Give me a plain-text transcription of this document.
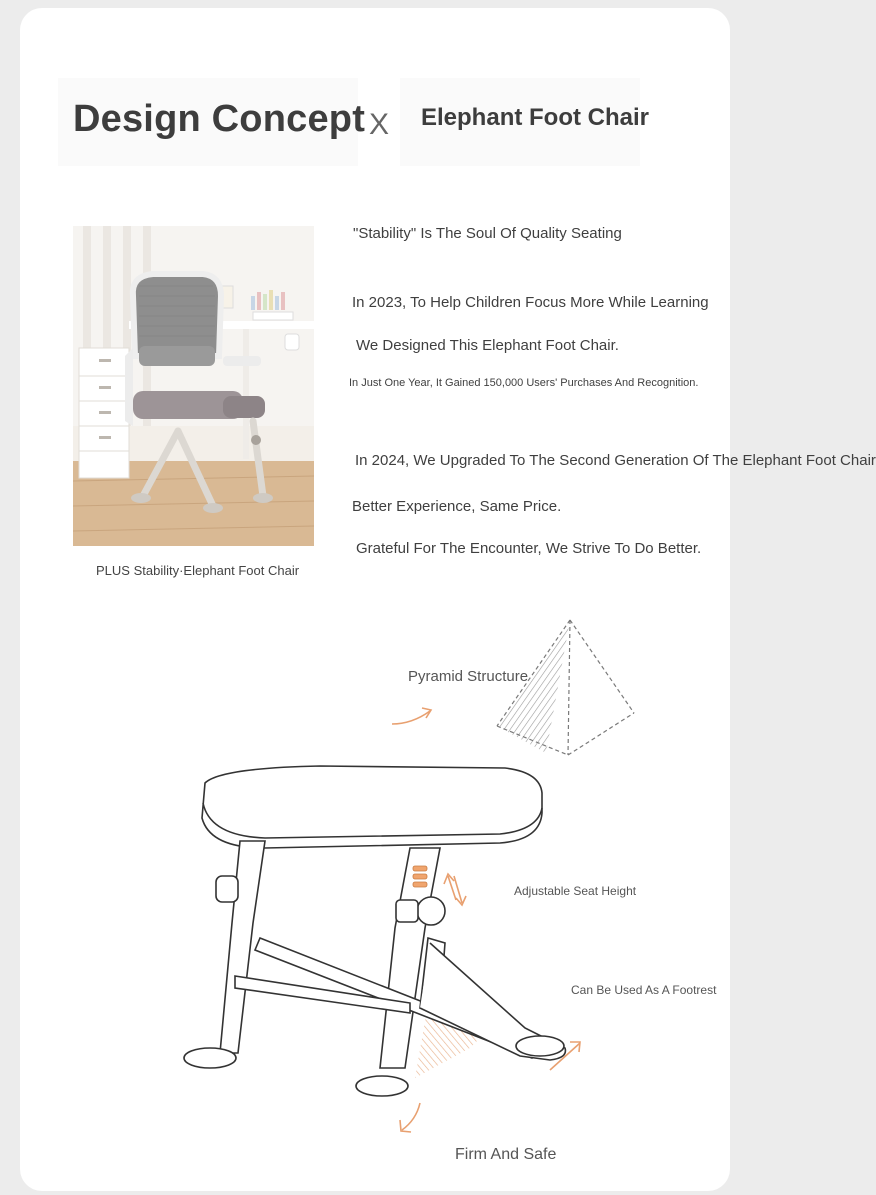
Design Concept X Elephant Foot Chair
PLUS Stability·Elephant Foot Chair
"Stability" Is The Soul Of Quality Seating
In 2023, To Help Children Focus More While Learning
We Designed This Elephant Foot Chair.
In Just One Year, It Gained 150,000 Users' Purchases And Recognition.
In 2024, We Upgraded To The Second Generation Of The Elephant Foot Chair
Better Experience, Same Price.
Grateful For The Encounter, We Strive To Do Better.
Pyramid Structure
Adjustable Seat Height
Can Be Used As A Footrest
Firm And Safe
